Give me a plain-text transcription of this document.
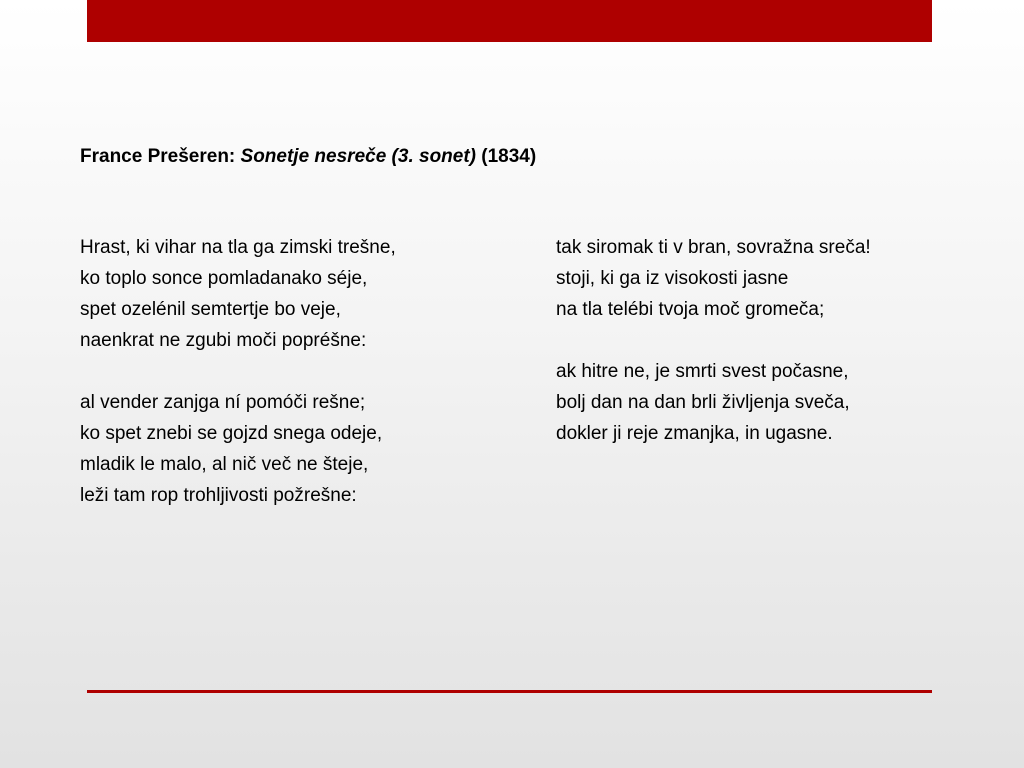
France Prešeren: Sonetje nesreče (3. sonet) (1834)
Hrast, ki vihar na tla ga zimski trešne,
ko toplo sonce pomladanako séje,
spet ozelénil semtertje bo veje,
naenkrat ne zgubi moči popréšne:
al vender zanjga ní pomóči rešne;
ko spet znebi se gojzd snega odeje,
mladik le malo, al nič več ne šteje,
leži tam rop trohljivosti požrešne:
tak siromak ti v bran, sovražna sreča!
stoji, ki ga iz visokosti jasne
na tla telébi tvoja moč gromeča;
ak hitre ne, je smrti svest počasne,
bolj dan na dan brli življenja sveča,
dokler ji reje zmanjka, in ugasne.
